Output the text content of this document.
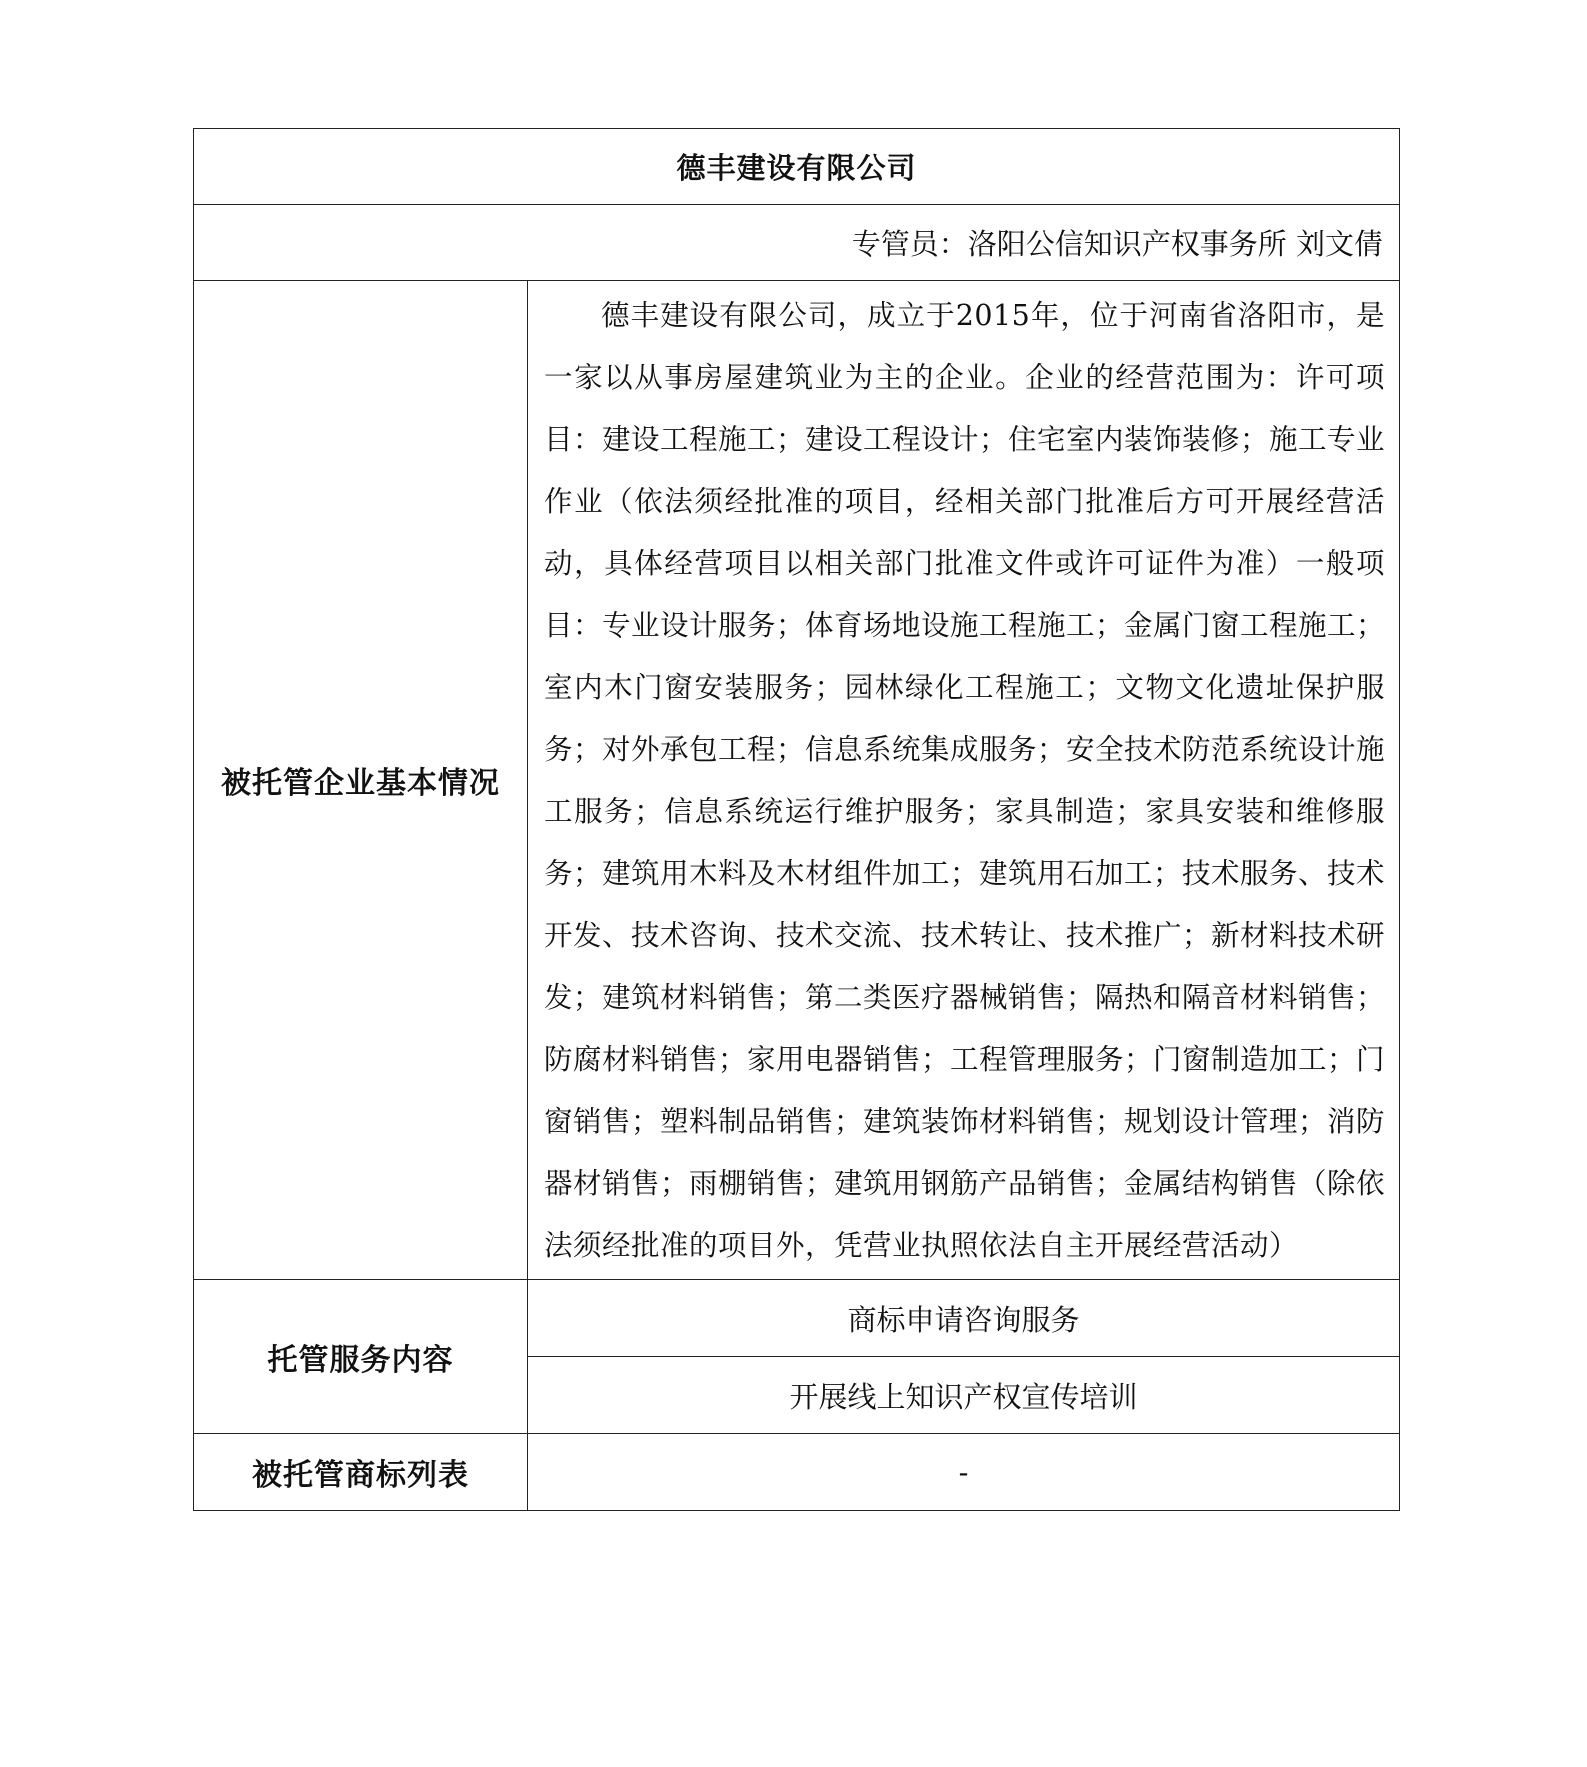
德丰建设有限公司	
专管员：洛阳公信知识产权事务所 刘文倩	
被托管企业基本情况	德丰建设有限公司，成立于2015年，位于河南省洛阳市，是一家以从事房屋建筑业为主的企业。企业的经营范围为：许可项目：建设工程施工；建设工程设计；住宅室内装饰装修；施工专业作业（依法须经批准的项目，经相关部门批准后方可开展经营活动，具体经营项目以相关部门批准文件或许可证件为准）一般项目：专业设计服务；体育场地设施工程施工；金属门窗工程施工；室内木门窗安装服务；园林绿化工程施工；文物文化遗址保护服务；对外承包工程；信息系统集成服务；安全技术防范系统设计施工服务；信息系统运行维护服务；家具制造；家具安装和维修服务；建筑用木料及木材组件加工；建筑用石加工；技术服务、技术开发、技术咨询、技术交流、技术转让、技术推广；新材料技术研发；建筑材料销售；第二类医疗器械销售；隔热和隔音材料销售；防腐材料销售；家用电器销售；工程管理服务；门窗制造加工；门窗销售；塑料制品销售；建筑装饰材料销售；规划设计管理；消防器材销售；雨棚销售；建筑用钢筋产品销售；金属结构销售（除依法须经批准的项目外，凭营业执照依法自主开展经营活动）

托管服务内容	商标申请咨询服务
	开展线上知识产权宣传培训
被托管商标列表	-
